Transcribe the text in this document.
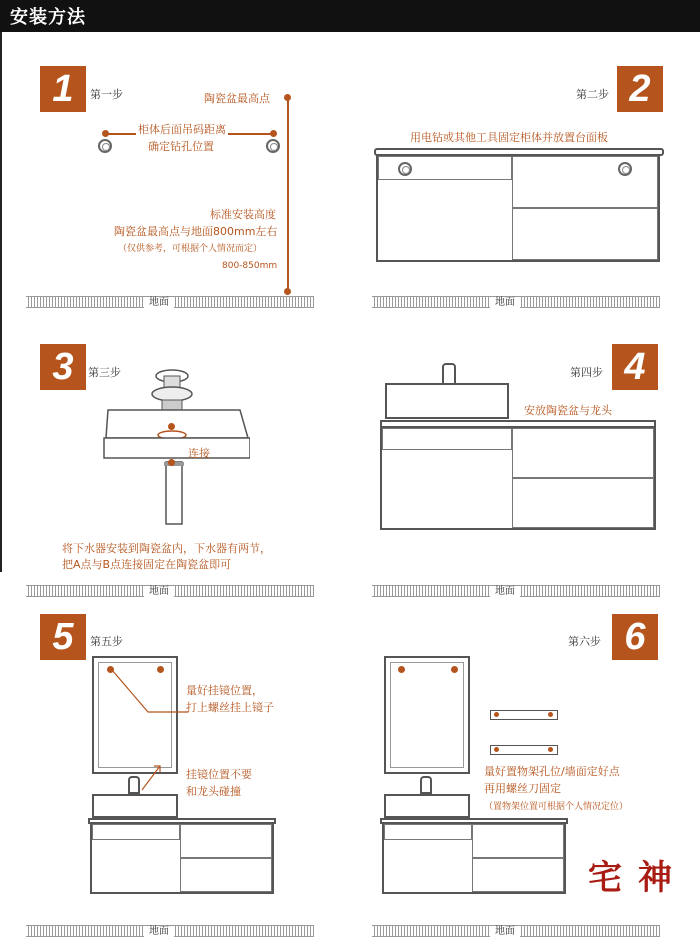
安装方法
1	第一步	陶瓷盆最高点
柜体后面吊码距离
确定钻孔位置
标准安装高度
陶瓷盆最高点与地面800mm左右
（仅供参考，可根据个人情况而定）
800-850mm
地面
2
第二步
用电钻或其他工具固定柜体并放置台面板
地面
3	第三步
连接
将下水器安装到陶瓷盆内，下水器有两节，
把A点与B点连接固定在陶瓷盆即可
地面
4
第四步
安放陶瓷盆与龙头
地面
5	第五步
量好挂镜位置，
打上螺丝挂上镜子
挂镜位置不要
和龙头碰撞
地面
6
第六步
量好置物架孔位/墙面定好点
再用螺丝刀固定
（置物架位置可根据个人情况定位）
宅 神
地面
